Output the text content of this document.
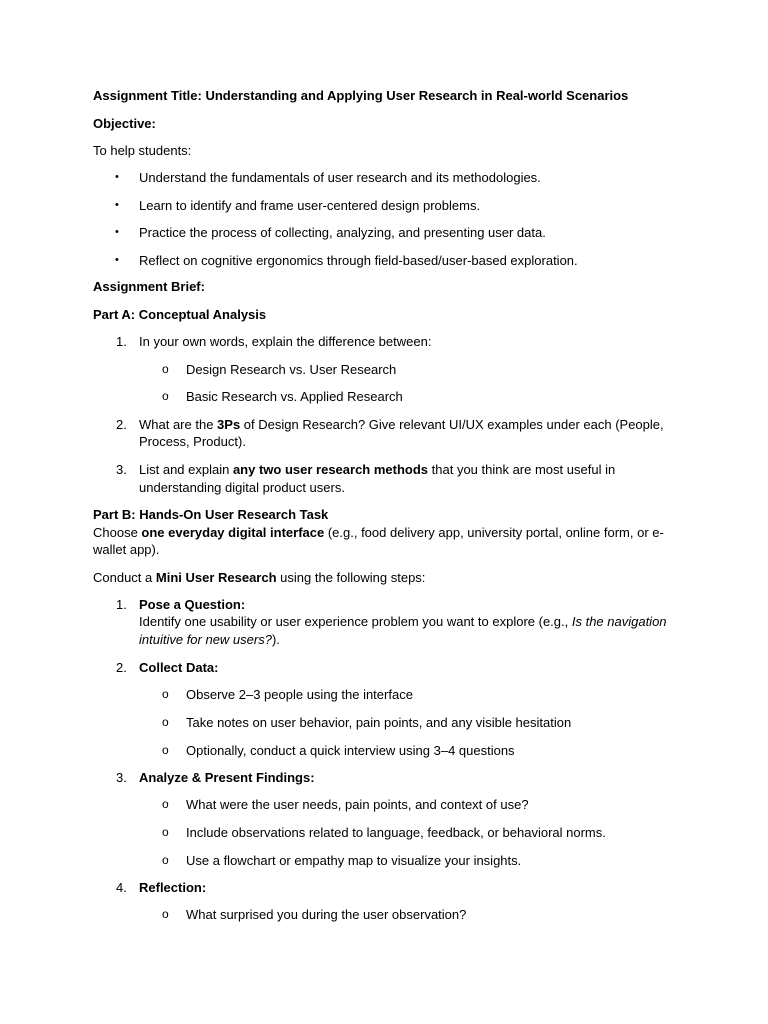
Assignment Title: Understanding and Applying User Research in Real-world Scenarios
Objective:
To help students:
• Understand the fundamentals of user research and its methodologies.
• Learn to identify and frame user-centered design problems.
• Practice the process of collecting, analyzing, and presenting user data.
• Reflect on cognitive ergonomics through field-based/user-based exploration.
Assignment Brief:
Part A: Conceptual Analysis
1. In your own words, explain the difference between:
o Design Research vs. User Research
o Basic Research vs. Applied Research
2. What are the 3Ps of Design Research? Give relevant UI/UX examples under each (People,
Process, Product).
3. List and explain any two user research methods that you think are most useful in
understanding digital product users.
Part B: Hands-On User Research Task
Choose one everyday digital interface (e.g., food delivery app, university portal, online form, or e-
wallet app).
Conduct a Mini User Research using the following steps:
1. Pose a Question:
Identify one usability or user experience problem you want to explore (e.g., Is the navigation
intuitive for new users?).
2. Collect Data:
o Observe 2–3 people using the interface
o Take notes on user behavior, pain points, and any visible hesitation
o Optionally, conduct a quick interview using 3–4 questions
3. Analyze & Present Findings:
o What were the user needs, pain points, and context of use?
o Include observations related to language, feedback, or behavioral norms.
o Use a flowchart or empathy map to visualize your insights.
4. Reflection:
o What surprised you during the user observation?
